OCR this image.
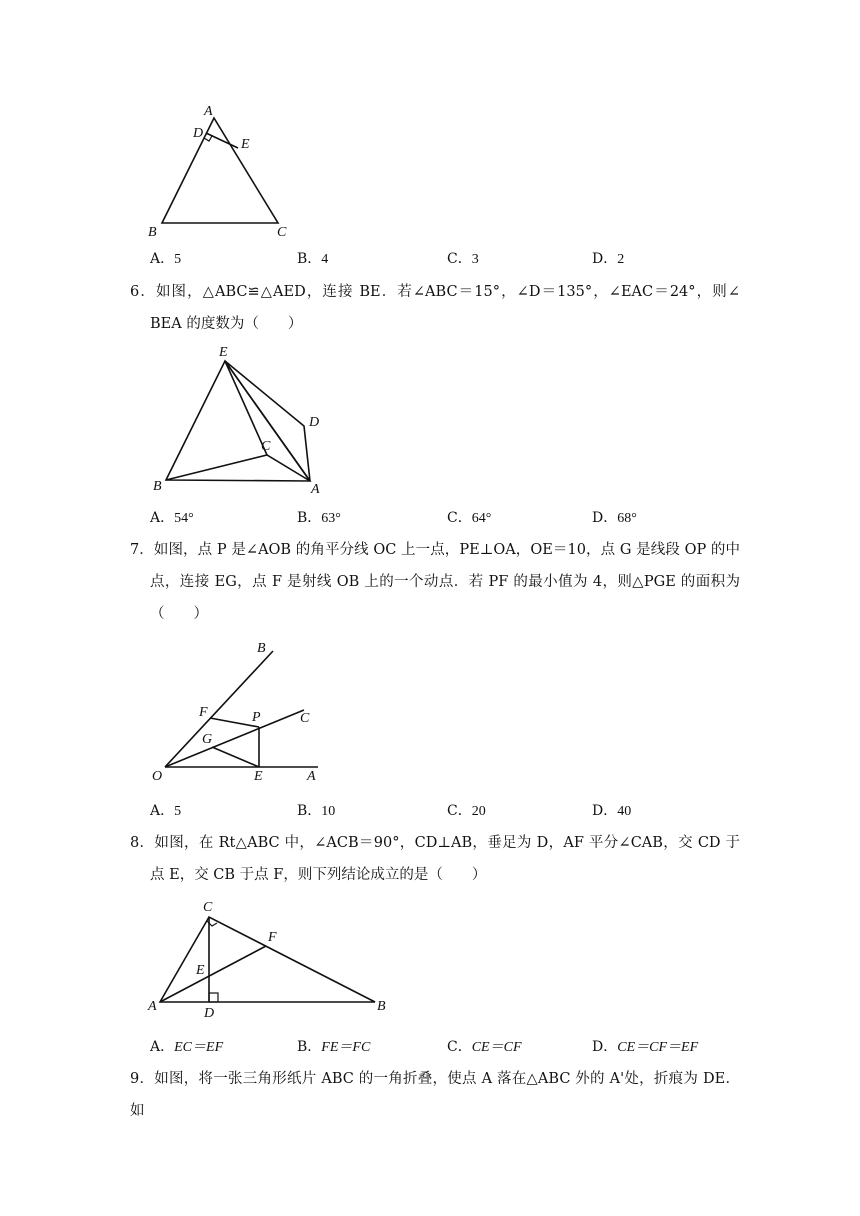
A
D
E
B	C
A．5	B．4	C．3	D．2

6．如图，△ABC≌△AED，连接 BE．若∠ABC＝15°，∠D＝135°，∠EAC＝24°，则∠

BEA 的度数为（　　）

E
D
C
B	A
A．54°	B．63°	C．64°	D．68°

7．如图，点 P 是∠AOB 的角平分线 OC 上一点，PE⊥OA，OE＝10，点 G 是线段 OP 的中

点，连接 EG，点 F 是射线 OB 上的一个动点．若 PF 的最小值为 4，则△PGE 的面积为

（　　）

B
F	P	C
G
O	E	A
A．5	B．10	C．20	D．40

8．如图，在 Rt△ABC 中，∠ACB＝90°，CD⊥AB，垂足为 D，AF 平分∠CAB，交 CD 于

点 E，交 CB 于点 F，则下列结论成立的是（　　）

C
F
E
A	D	B
A．EC＝EF	B．FE＝FC	C．CE＝CF	D．CE＝CF＝EF

9．如图，将一张三角形纸片 ABC 的一角折叠，使点 A 落在△ABC 外的 A'处，折痕为 DE．如
